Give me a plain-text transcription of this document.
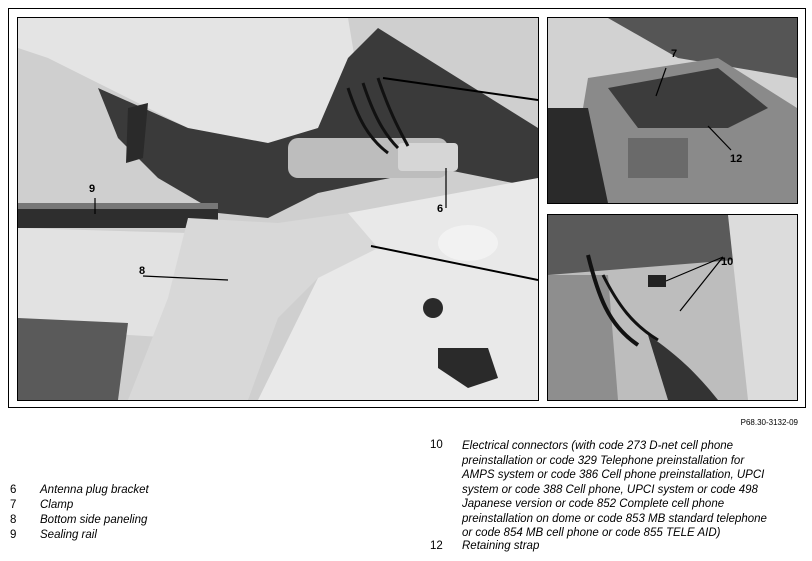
6
8
9
7
12
10
P68.30-3132-09
6 Antenna plug bracket
7 Clamp
8 Bottom side paneling
9 Sealing rail
10 Electrical connectors (with code 273 D-net cell phone
preinstallation or code 329 Telephone preinstallation for
AMPS system or code 386 Cell phone preinstallation, UPCI
system or code 388 Cell phone, UPCI system or code 498
Japanese version or code 852 Complete cell phone
preinstallation on dome or code 853 MB standard telephone
or code 854 MB cell phone or code 855 TELE AID)
12 Retaining strap
